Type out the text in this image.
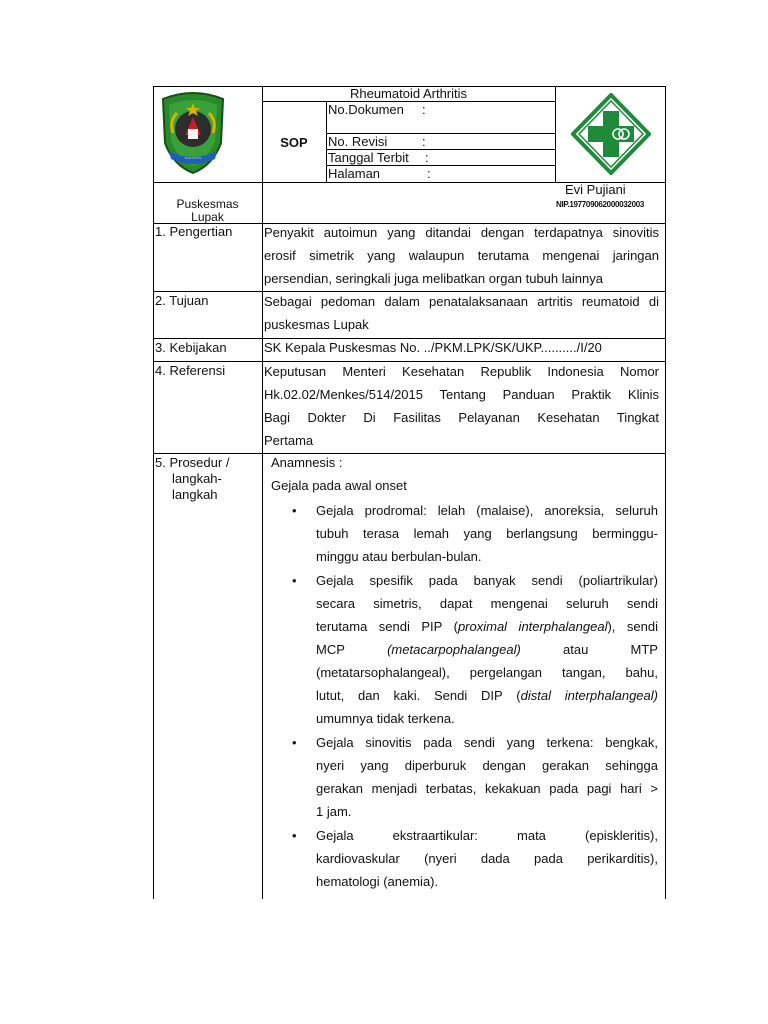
Rheumatoid Arthritis
SOP
No.Dokumen :
No. Revisi	:
Tanggal Terbit :
Halaman	:
Puskesmas
Lupak
Evi Pujiani
NIP.197709062000032003
~~~~~
1. Pengertian Penyakit autoimun yang ditandai dengan terdapatnya sinovitis
erosif simetrik yang walaupun terutama mengenai jaringan
persendian, seringkali juga melibatkan organ tubuh lainnya
2. Tujuan	Sebagai pedoman dalam penatalaksanaan artritis reumatoid di
puskesmas Lupak
3. Kebijakan	SK Kepala Puskesmas No. ../PKM.LPK/SK/UKP........../I/20
4. Referensi	Keputusan Menteri Kesehatan Republik Indonesia Nomor
Hk.02.02/Menkes/514/2015 Tentang Panduan Praktik Klinis
Bagi Dokter Di Fasilitas Pelayanan Kesehatan Tingkat
Pertama
5. Prosedur /
langkah-
langkah
Anamnesis :
Gejala pada awal onset
• Gejala prodromal: lelah (malaise), anoreksia, seluruh
tubuh terasa lemah yang berlangsung berminggu-
minggu atau berbulan-bulan.
• Gejala spesifik pada banyak sendi (poliartrikular)
secara simetris, dapat mengenai seluruh sendi
terutama sendi PIP (proximal interphalangeal), sendi
MCP	(metacarpophalangeal)	atau	MTP
(metatarsophalangeal), pergelangan tangan, bahu,
lutut, dan kaki. Sendi DIP (distal interphalangeal)
umumnya tidak terkena.
• Gejala sinovitis pada sendi yang terkena: bengkak,
nyeri yang diperburuk dengan gerakan sehingga
gerakan menjadi terbatas, kekakuan pada pagi hari >
1 jam.
• Gejala	ekstraartikular:	mata	(episkleritis),
kardiovaskular (nyeri dada pada perikarditis),
hematologi (anemia).
